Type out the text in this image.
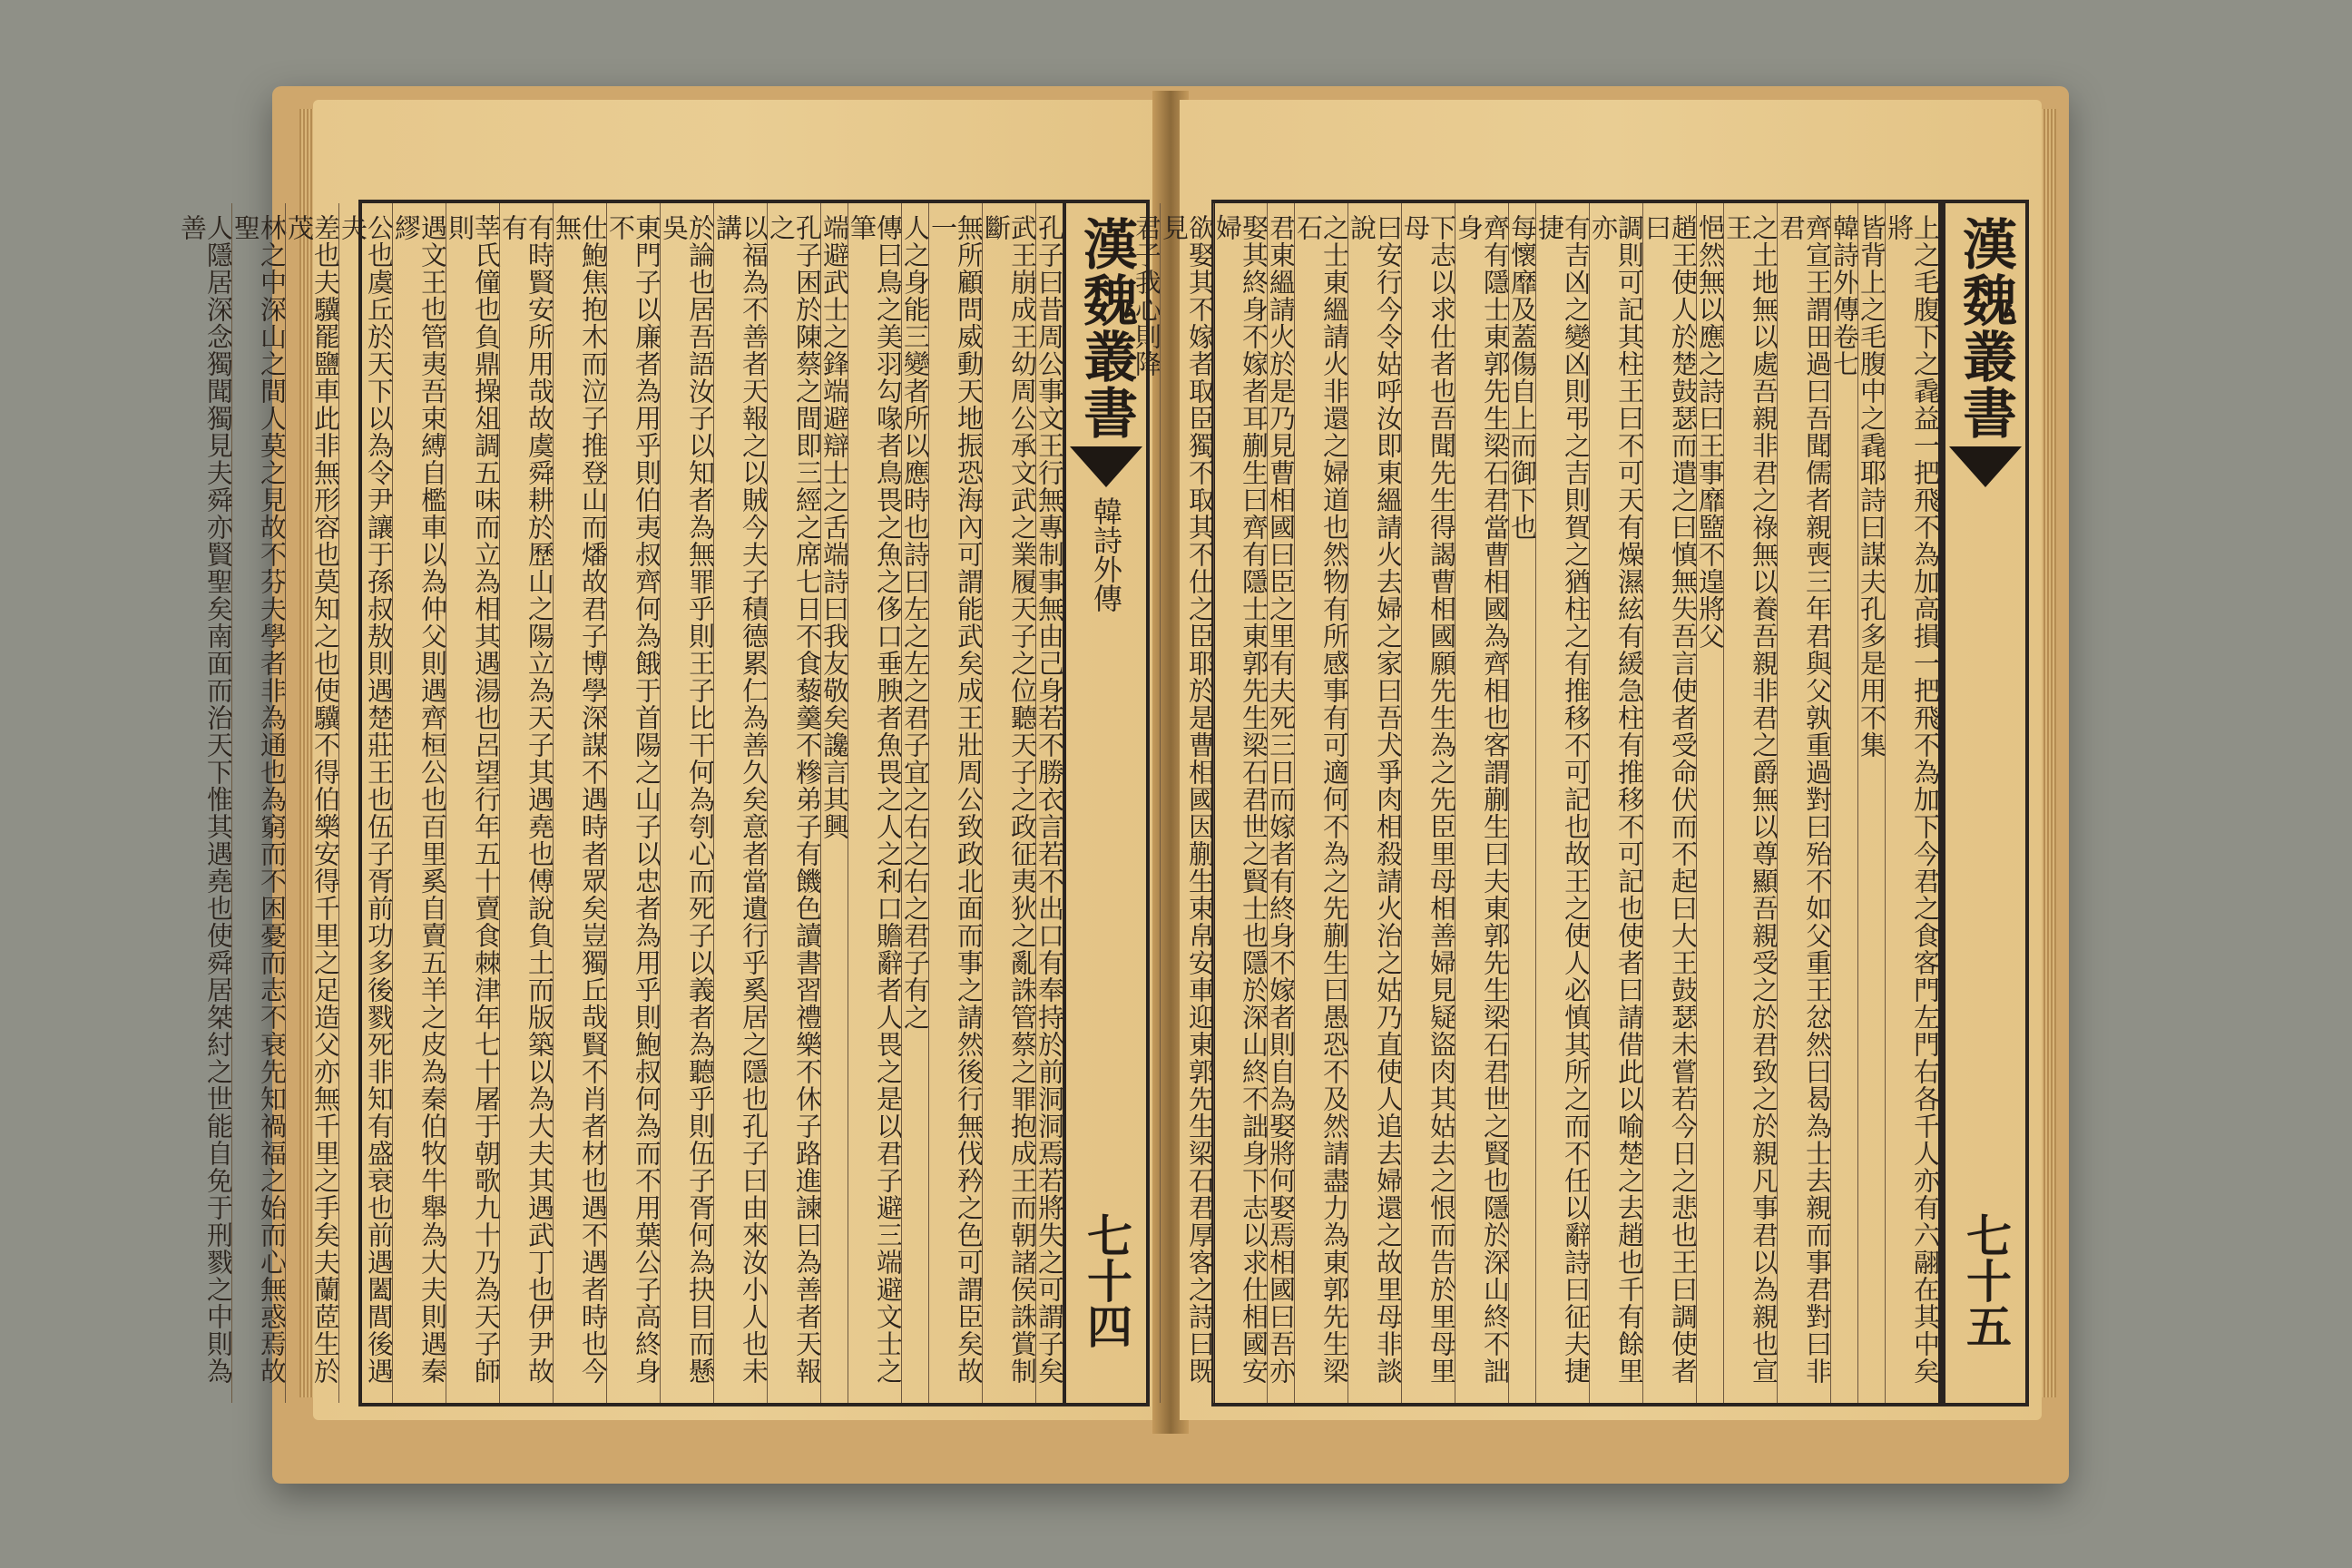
孔子曰昔周公事文王行無專制事無由己身若不勝衣言若不出口有奉持於前洞洞焉若將失之可謂子矣
武王崩成王幼周公承文武之業履天子之位聽天子之政征夷狄之亂誅管蔡之罪抱成王而朝諸侯誅賞制斷
無所顧問威動天地振恐海內可謂能武矣成王壯周公致政北面而事之請然後行無伐矜之色可謂臣矣故一
人之身能三變者所以應時也詩曰左之左之君子宜之右之右之君子有之
傳曰鳥之美羽勾喙者鳥畏之魚之侈口垂腴者魚畏之人之利口贍辭者人畏之是以君子避三端避文士之筆
端避武士之鋒端避辯士之舌端詩曰我友敬矣讒言其興
孔子困於陳蔡之間即三經之席七日不食藜羹不糝弟子有饑色讀書習禮樂不休子路進諫曰為善者天報之
以福為不善者天報之以賊今夫子積德累仁為善久矣意者當遺行乎奚居之隱也孔子曰由來汝小人也未講
於論也居吾語汝子以知者為無罪乎則王子比干何為刳心而死子以義者為聽乎則伍子胥何為抉目而懸吳
東門子以廉者為用乎則伯夷叔齊何為餓于首陽之山子以忠者為用乎則鮑叔何為而不用葉公子高終身不
仕鮑焦抱木而泣子推登山而燔故君子博學深謀不遇時者眾矣豈獨丘哉賢不肖者材也遇不遇者時也今無
有時賢安所用哉故虞舜耕於歷山之陽立為天子其遇堯也傅說負土而版築以為大夫其遇武丁也伊尹故有
莘氏僮也負鼎操俎調五味而立為相其遇湯也呂望行年五十賣食棘津年七十屠于朝歌九十乃為天子師則
遇文王也管夷吾束縛自檻車以為仲父則遇齊桓公也百里奚自賣五羊之皮為秦伯牧牛舉為大夫則遇秦繆
公也虞丘於天下以為令尹讓于孫叔敖則遇楚莊王也伍子胥前功多後戮死非知有盛衰也前遇闔閭後遇夫
差也夫驥罷鹽車此非無形容也莫知之也使驥不得伯樂安得千里之足造父亦無千里之手矣夫蘭茝生於茂
林之中深山之間人莫之見故不芬夫學者非為通也為窮而不困憂而志不衰先知禍福之始而心無惑焉故聖
人隱居深念獨聞獨見夫舜亦賢聖矣南面而治天下惟其遇堯也使舜居桀紂之世能自免于刑戮之中則為善	漢魏叢書
韓詩外傳
七十四	上之毛腹下之毳益一把飛不為加高損一把飛不為加下今君之食客門左門右各千人亦有六翮在其中矣將
皆背上之毛腹中之毳耶詩曰謀夫孔多是用不集
韓詩外傳卷七
齊宣王謂田過曰吾聞儒者親喪三年君與父孰重過對曰殆不如父重王忿然曰曷為士去親而事君對曰非君
之土地無以處吾親非君之祿無以養吾親非君之爵無以尊顯吾親受之於君致之於親凡事君以為親也宣王
悒然無以應之詩曰王事靡盬不遑將父
趙王使人於楚鼓瑟而遣之曰慎無失吾言使者受命伏而不起曰大王鼓瑟未嘗若今日之悲也王曰調使者曰
調則可記其柱王曰不可天有燥濕絃有緩急柱有推移不可記也使者曰請借此以喻楚之去趙也千有餘里亦
有吉凶之變凶則弔之吉則賀之猶柱之有推移不可記也故王之使人必慎其所之而不任以辭詩曰征夫捷捷
每懷靡及蓋傷自上而御下也
齊有隱士東郭先生梁石君當曹相國為齊相也客謂蒯生曰夫東郭先生梁石君世之賢也隱於深山終不詘身
下志以求仕者也吾聞先生得謁曹相國願先生為之先臣里母相善婦見疑盜肉其姑去之恨而告於里母里母
曰安行今令姑呼汝即東縕請火去婦之家曰吾犬爭肉相殺請火治之姑乃直使人追去婦還之故里母非談說
之士東縕請火非還之婦道也然物有所感事有可適何不為之先蒯生曰愚恐不及然請盡力為東郭先生梁石
君東縕請火於是乃見曹相國曰臣之里有夫死三日而嫁者有終身不嫁者則自為娶將何娶焉相國曰吾亦
娶其終身不嫁者耳蒯生曰齊有隱士東郭先生梁石君世之賢士也隱於深山終不詘身下志以求仕相國安婦
欲娶其不嫁者取臣獨不取其不仕之臣耶於是曹相國因蒯生束帛安車迎東郭先生梁石君厚客之詩曰既見
君子我心則降	漢魏叢書
七十五
